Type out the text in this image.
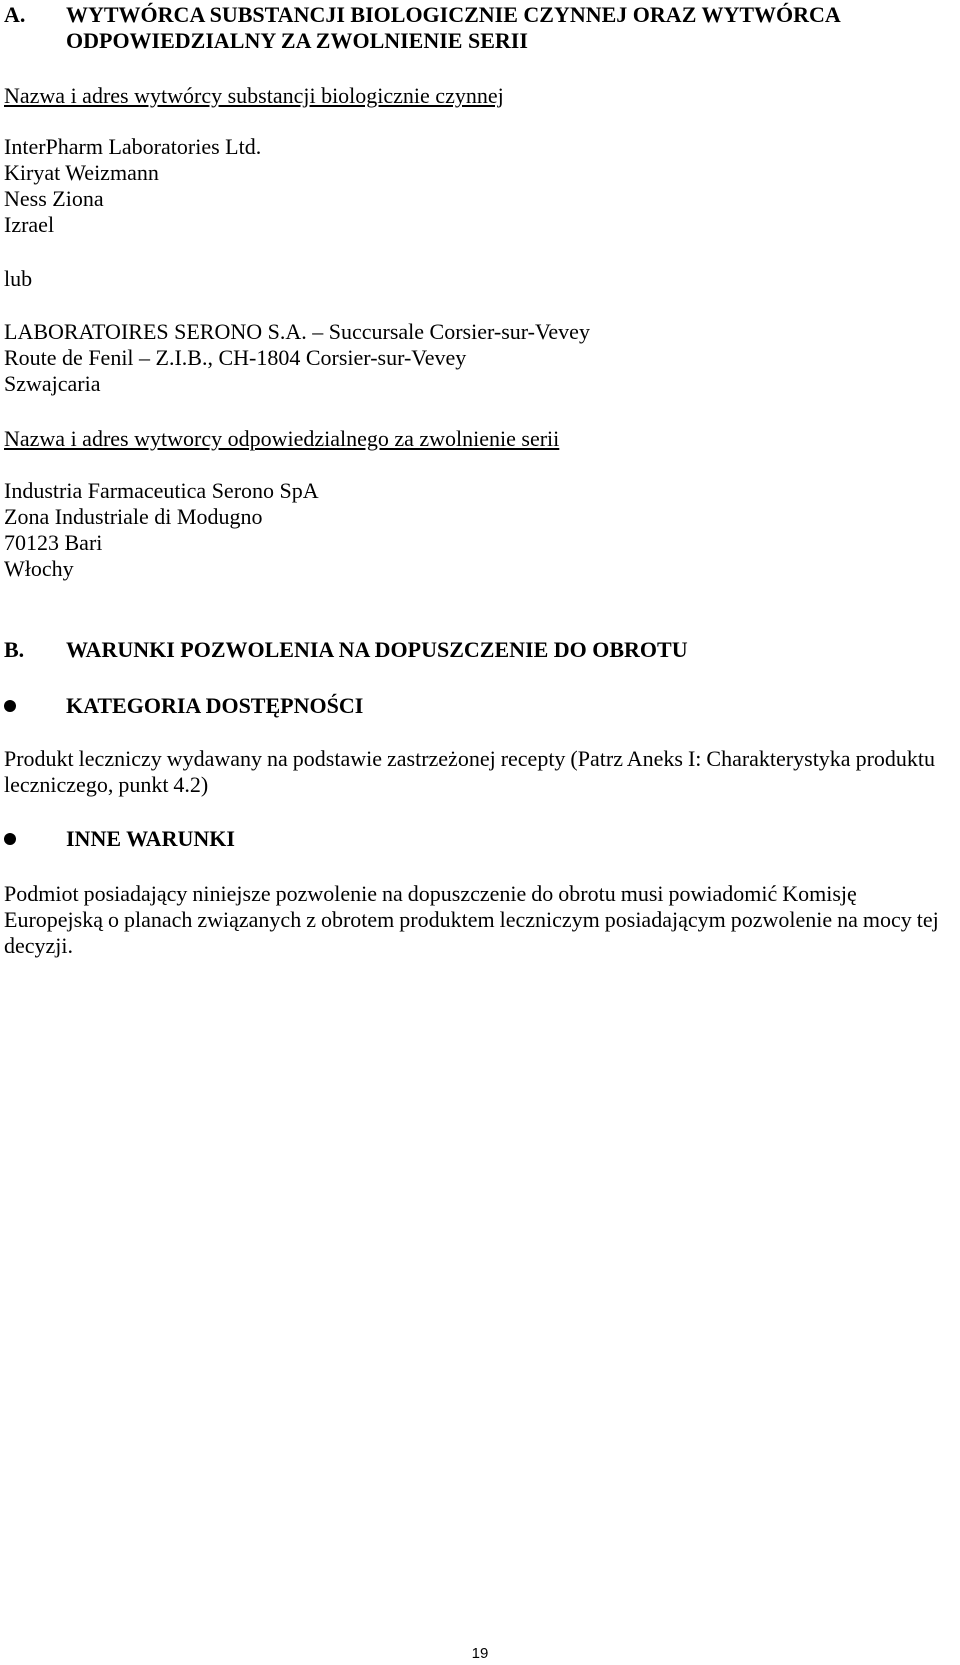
A. WYTWÓRCA SUBSTANCJI BIOLOGICZNIE CZYNNEJ ORAZ WYTWÓRCA
ODPOWIEDZIALNY ZA ZWOLNIENIE SERII
Nazwa i adres wytwórcy substancji biologicznie czynnej
InterPharm Laboratories Ltd.
Kiryat Weizmann
Ness Ziona
Izrael
lub
LABORATOIRES SERONO S.A. – Succursale Corsier-sur-Vevey
Route de Fenil – Z.I.B., CH-1804 Corsier-sur-Vevey
Szwajcaria
Nazwa i adres wytworcy odpowiedzialnego za zwolnienie serii
Industria Farmaceutica Serono SpA
Zona Industriale di Modugno
70123 Bari
Włochy
B. WARUNKI POZWOLENIA NA DOPUSZCZENIE DO OBROTU
KATEGORIA DOSTĘPNOŚCI
Produkt leczniczy wydawany na podstawie zastrzeżonej recepty (Patrz Aneks I: Charakterystyka produktu leczniczego, punkt 4.2)
INNE WARUNKI
Podmiot posiadający niniejsze pozwolenie na dopuszczenie do obrotu musi powiadomić Komisję Europejską o planach związanych z obrotem produktem leczniczym posiadającym pozwolenie na mocy tej decyzji.
19
